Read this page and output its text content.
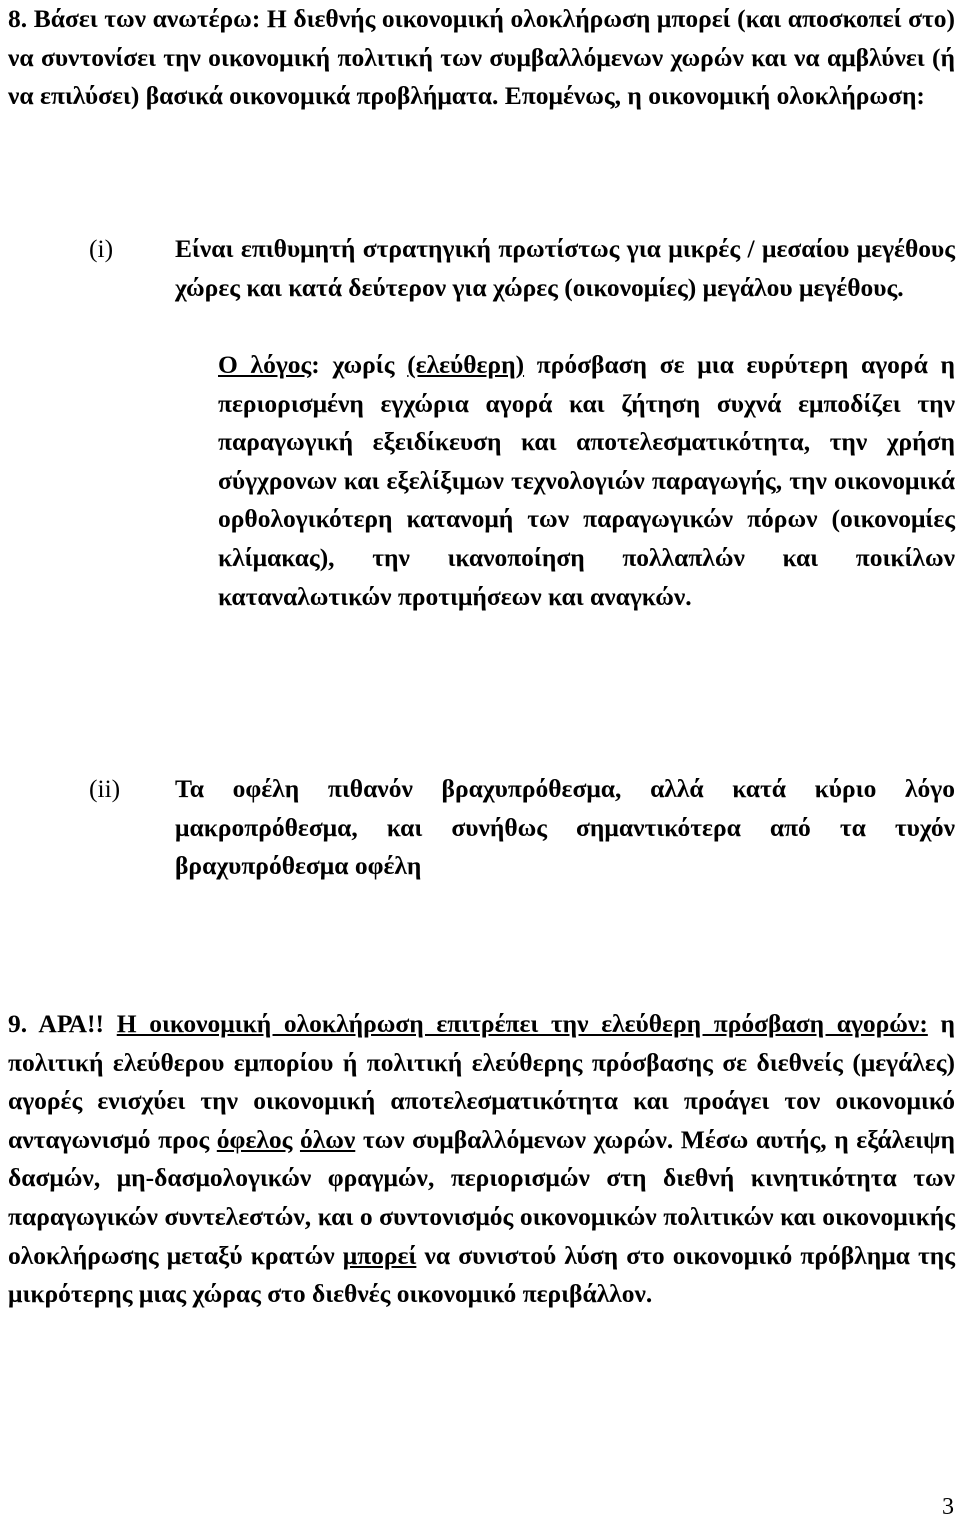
8. Βάσει των ανωτέρω: Η διεθνής οικονομική ολοκλήρωση μπορεί (και αποσκοπεί στο) να συντονίσει την οικονομική πολιτική των συμβαλλόμενων χωρών και να αμβλύνει (ή να επιλύσει) βασικά οικονομικά προβλήματα. Επομένως, η οικονομική ολοκλήρωση:
(i) Είναι επιθυμητή στρατηγική πρωτίστως για μικρές / μεσαίου μεγέθους χώρες και κατά δεύτερον για χώρες (οικονομίες) μεγάλου μεγέθους.
Ο λόγος: χωρίς (ελεύθερη) πρόσβαση σε μια ευρύτερη αγορά η περιορισμένη εγχώρια αγορά και ζήτηση συχνά εμποδίζει την παραγωγική εξειδίκευση και αποτελεσματικότητα, την χρήση σύγχρονων και εξελίξιμων τεχνολογιών παραγωγής, την οικονομικά ορθολογικότερη κατανομή των παραγωγικών πόρων (οικονομίες κλίμακας), την ικανοποίηση πολλαπλών και ποικίλων καταναλωτικών προτιμήσεων και αναγκών.
(ii) Τα οφέλη πιθανόν βραχυπρόθεσμα, αλλά κατά κύριο λόγο μακροπρόθεσμα, και συνήθως σημαντικότερα από τα τυχόν βραχυπρόθεσμα οφέλη
9. ΑΡΑ!! Η οικονομική ολοκλήρωση επιτρέπει την ελεύθερη πρόσβαση αγορών: η πολιτική ελεύθερου εμπορίου ή πολιτική ελεύθερης πρόσβασης σε διεθνείς (μεγάλες) αγορές ενισχύει την οικονομική αποτελεσματικότητα και προάγει τον οικονομικό ανταγωνισμό προς όφελος όλων των συμβαλλόμενων χωρών. Μέσω αυτής, η εξάλειψη δασμών, μη-δασμολογικών φραγμών, περιορισμών στη διεθνή κινητικότητα των παραγωγικών συντελεστών, και ο συντονισμός οικονομικών πολιτικών και οικονομικής ολοκλήρωσης μεταξύ κρατών μπορεί να συνιστού λύση στο οικονομικό πρόβλημα της μικρότερης μιας χώρας στο διεθνές οικονομικό περιβάλλον.
3
